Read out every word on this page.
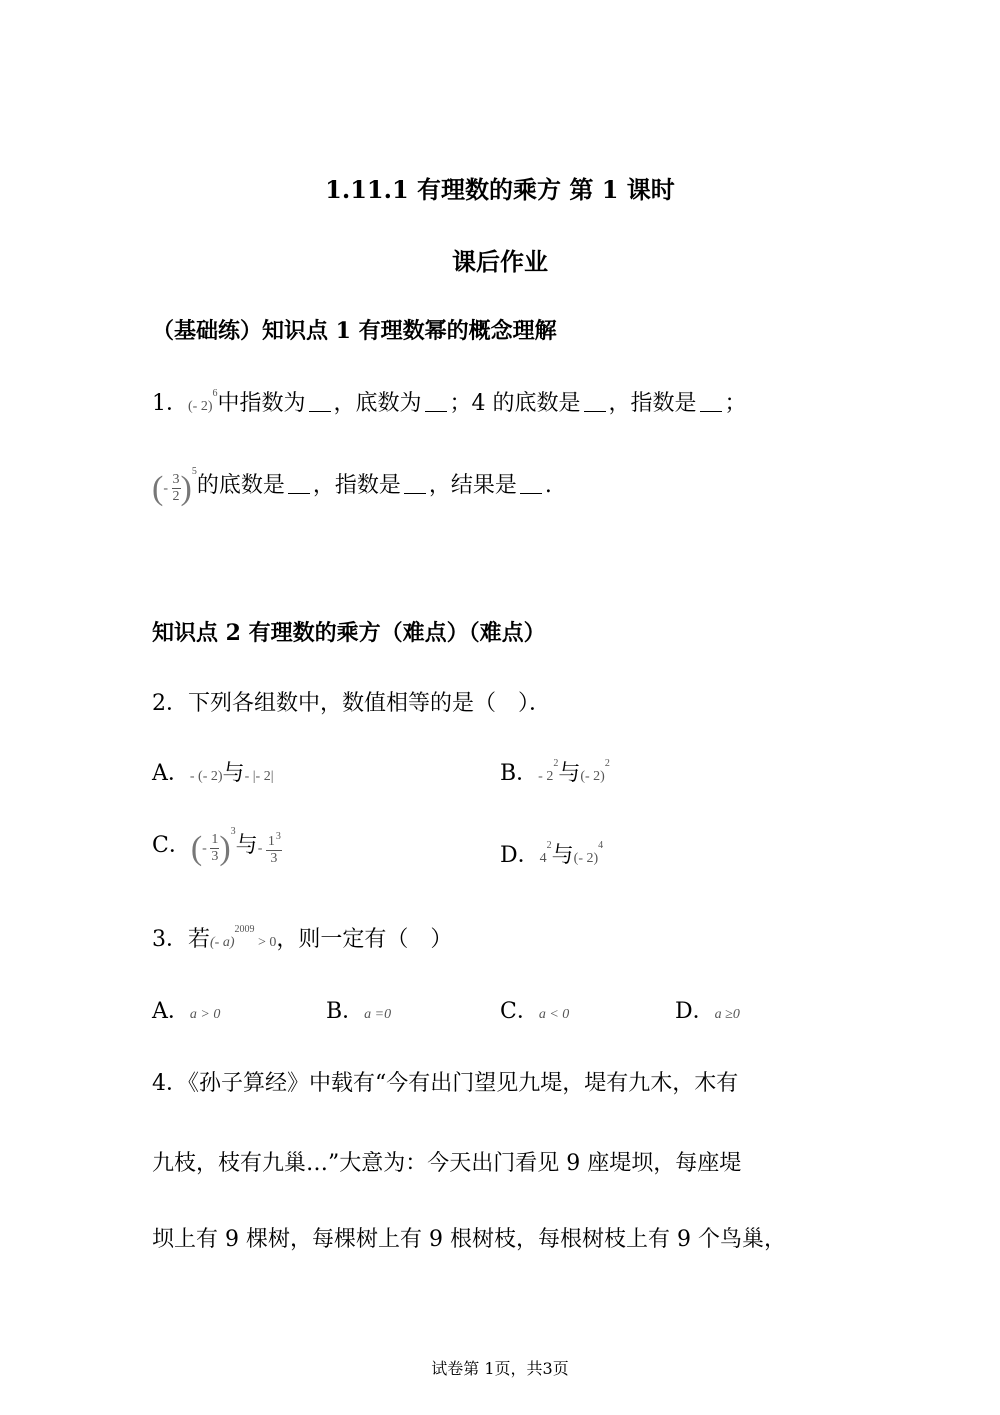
1.11.1 有理数的乘方 第 1 课时
课后作业
（基础练）知识点 1 有理数幂的概念理解
1．(- 2)$^6$中指数为 ，底数为 ；4 的底数是 ，指数是 ；
(- $\frac{3}{2} )^5$的底数是 ，指数是 ，结果是 .
知识点 2 有理数的乘方（难点）（难点）
2．下列各组数中，数值相等的是（　）．
A．- (- 2)与- |- 2|	B．- $2^2$与(- 2)$^2$
C．(- $\frac{1}{3} )^3$与- $\frac{1^3}{3}$	D．$4^2$与(- 2)$^4$
3．若(- a)$^{2009}$ > 0，则一定有（　）
A．a > 0	B．a =0	C．a < 0	D．a ≥0
4．《孙子算经》中载有“今有出门望见九堤，堤有九木，木有
九枝，枝有九巢…”大意为：今天出门看见 9 座堤坝，每座堤
坝上有 9 棵树，每棵树上有 9 根树枝，每根树枝上有 9 个鸟巢，
试卷第 1页，共3页
